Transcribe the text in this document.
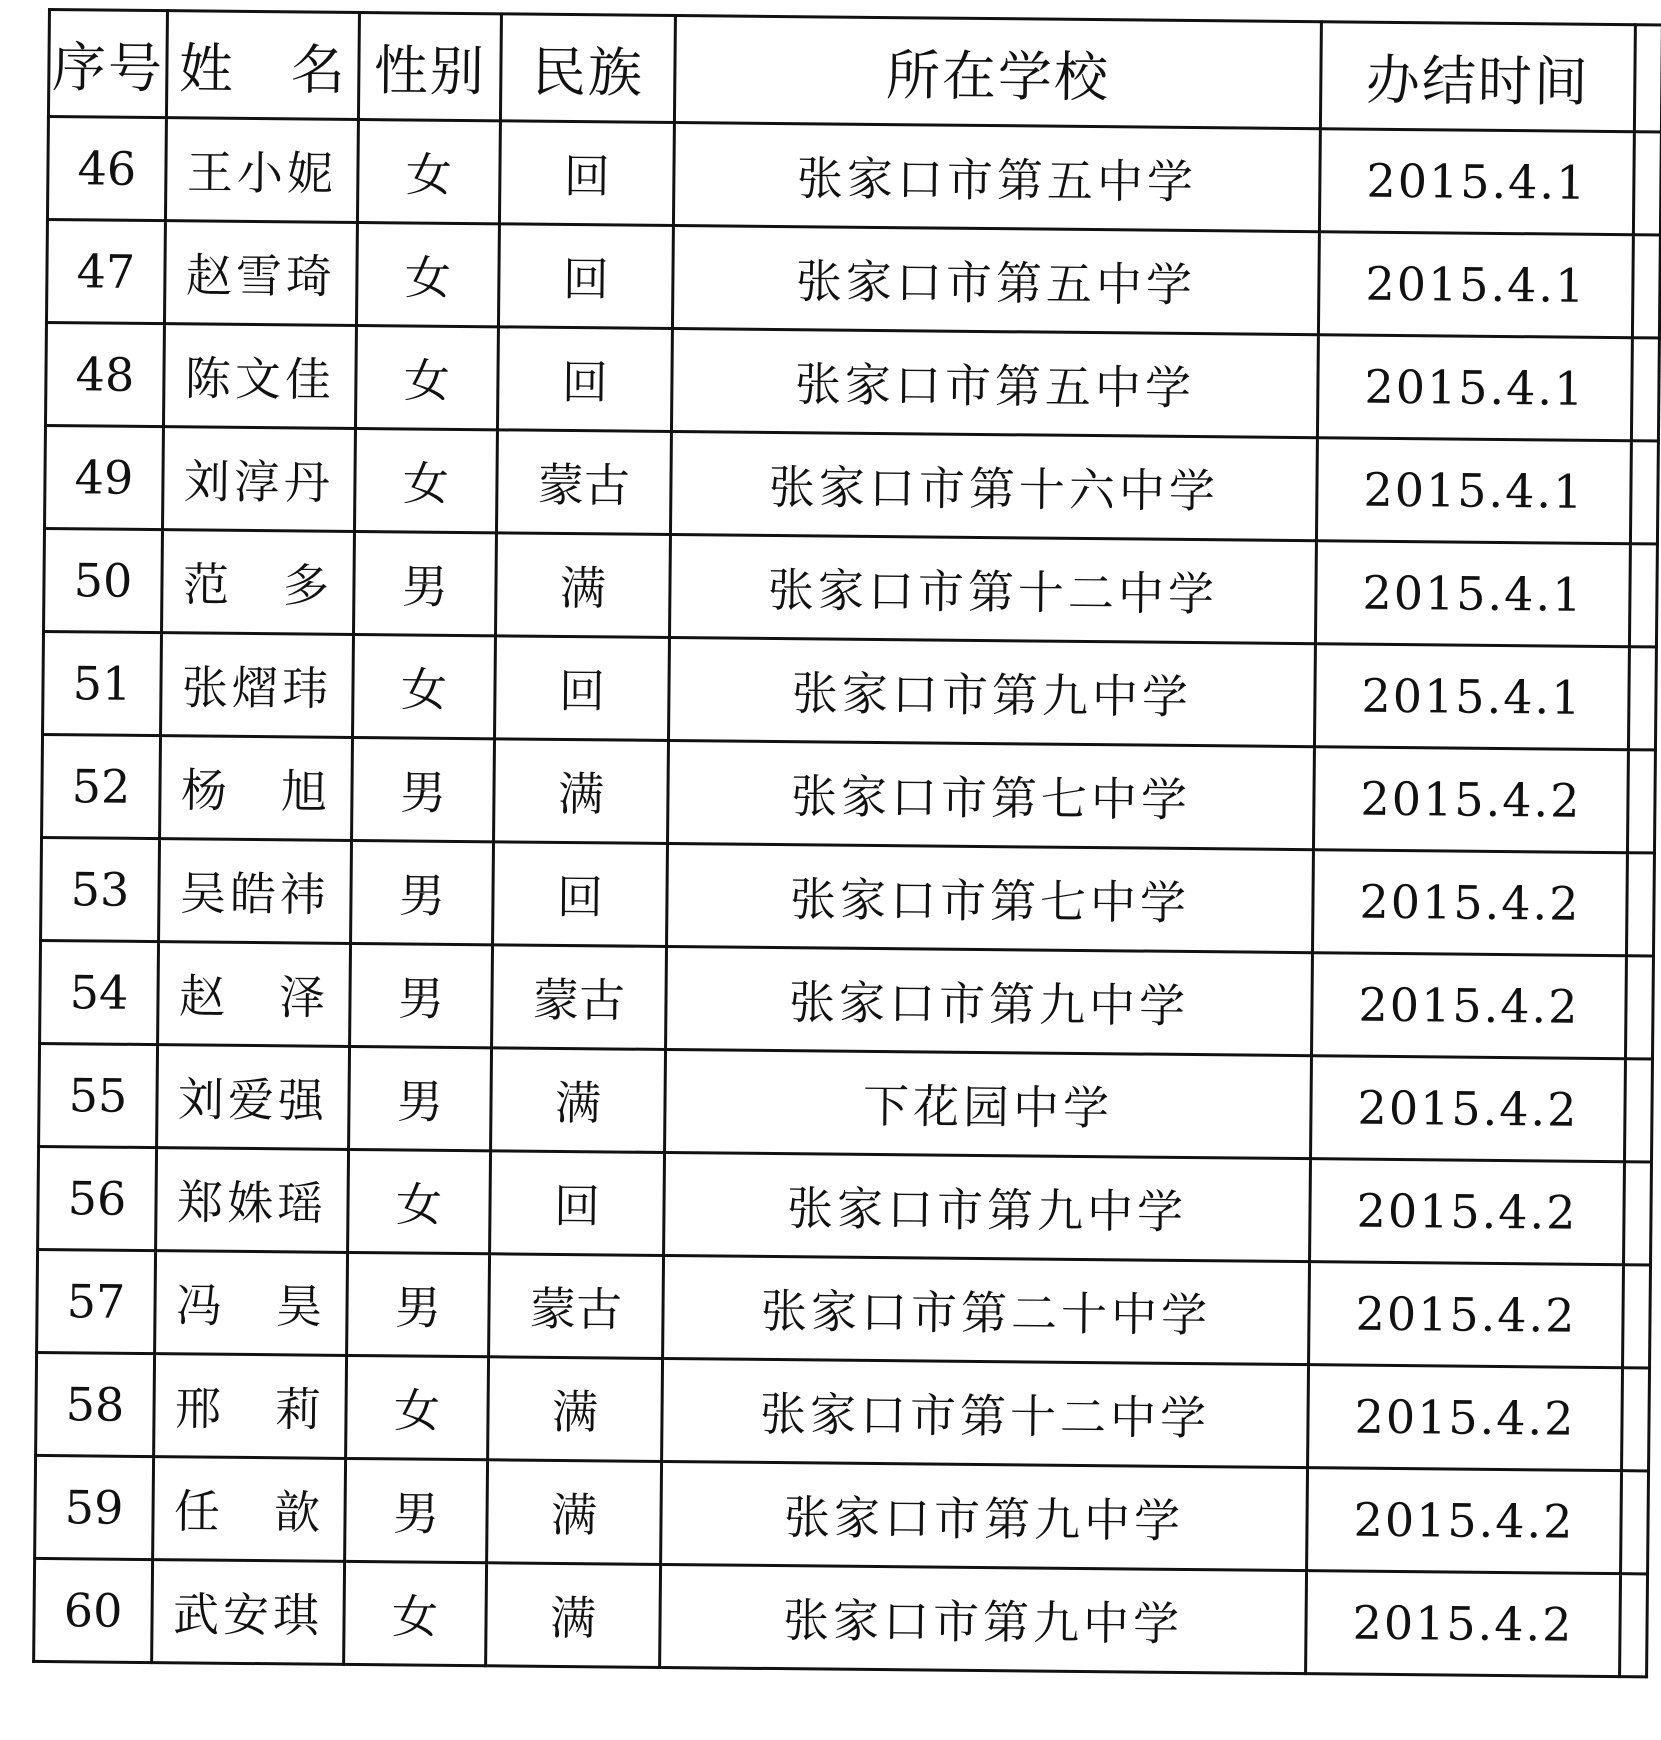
序号	姓　名	性别	民族	所在学校	办结时间	
46	王小妮	女	回	张家口市第五中学	2015.4.1	
47	赵雪琦	女	回	张家口市第五中学	2015.4.1	
48	陈文佳	女	回	张家口市第五中学	2015.4.1	
49	刘淳丹	女	蒙古	张家口市第十六中学	2015.4.1	
50	范　多	男	满	张家口市第十二中学	2015.4.1	
51	张熠玮	女	回	张家口市第九中学	2015.4.1	
52	杨　旭	男	满	张家口市第七中学	2015.4.2	
53	吴皓祎	男	回	张家口市第七中学	2015.4.2	
54	赵　泽	男	蒙古	张家口市第九中学	2015.4.2	
55	刘爱强	男	满	下花园中学	2015.4.2	
56	郑姝瑶	女	回	张家口市第九中学	2015.4.2	
57	冯　昊	男	蒙古	张家口市第二十中学	2015.4.2	
58	邢　莉	女	满	张家口市第十二中学	2015.4.2	
59	任　歆	男	满	张家口市第九中学	2015.4.2	
60	武安琪	女	满	张家口市第九中学	2015.4.2	
